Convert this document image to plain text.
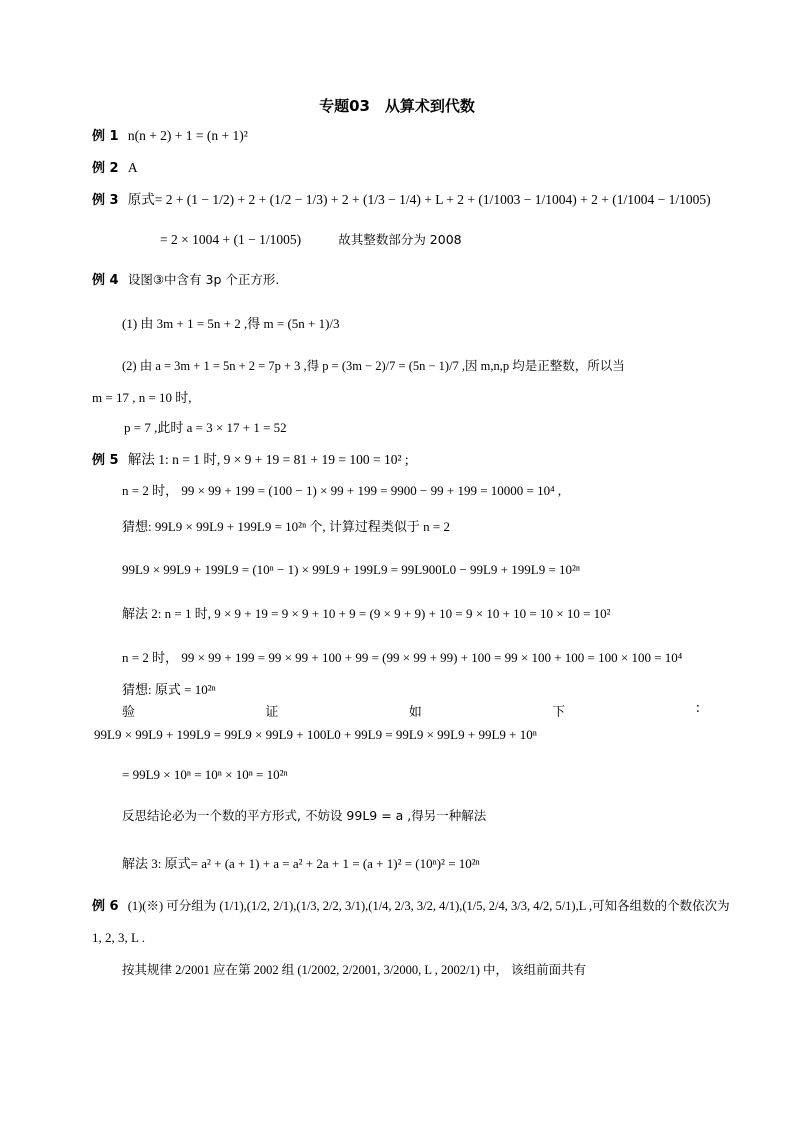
专题03　从算术到代数
例 1 n(n + 2) + 1 = (n + 1)²
例 2 A
例 3 原式= 2 + (1 − 1/2) + 2 + (1/2 − 1/3) + 2 + (1/3 − 1/4) + L + 2 + (1/1003 − 1/1004) + 2 + (1/1004 − 1/1005)
= 2 × 1004 + (1 − 1/1005)	故其整数部分为 2008
例 4 设图③中含有 3p 个正方形.
(1) 由 3m + 1 = 5n + 2 ,得 m = (5n + 1)/3
(2) 由 a = 3m + 1 = 5n + 2 = 7p + 3 ,得 p = (3m − 2)/7 = (5n − 1)/7 ,因 m,n,p 均是正整数，所以当
m = 17 , n = 10 时,
p = 7 ,此时 a = 3 × 17 + 1 = 52
例 5 解法 1: n = 1 时, 9 × 9 + 19 = 81 + 19 = 100 = 10² ;
n = 2 时， 99 × 99 + 199 = (100 − 1) × 99 + 199 = 9900 − 99 + 199 = 10000 = 10⁴ ,
猜想: 99L9 × 99L9 + 199L9 = 10²ⁿ 个, 计算过程类似于 n = 2
99L9 × 99L9 + 199L9 = (10ⁿ − 1) × 99L9 + 199L9 = 99L900L0 − 99L9 + 199L9 = 10²ⁿ
解法 2: n = 1 时, 9 × 9 + 19 = 9 × 9 + 10 + 9 = (9 × 9 + 9) + 10 = 9 × 10 + 10 = 10 × 10 = 10²
n = 2 时， 99 × 99 + 199 = 99 × 99 + 100 + 99 = (99 × 99 + 99) + 100 = 99 × 100 + 100 = 100 × 100 = 10⁴
猜想: 原式 = 10²ⁿ
验	证	如	下	:
99L9 × 99L9 + 199L9 = 99L9 × 99L9 + 100L0 + 99L9 = 99L9 × 99L9 + 99L9 + 10ⁿ
= 99L9 × 10ⁿ = 10ⁿ × 10ⁿ = 10²ⁿ
反思结论必为一个数的平方形式, 不妨设 99L9 = a ,得另一种解法
解法 3: 原式= a² + (a + 1) + a = a² + 2a + 1 = (a + 1)² = (10ⁿ)² = 10²ⁿ
例 6 (1)(※) 可分组为 (1/1),(1/2, 2/1),(1/3, 2/2, 3/1),(1/4, 2/3, 3/2, 4/1),(1/5, 2/4, 3/3, 4/2, 5/1),L ,可知各组数的个数依次为
1, 2, 3, L .
按其规律 2/2001 应在第 2002 组 (1/2002, 2/2001, 3/2000, L , 2002/1) 中， 该组前面共有
